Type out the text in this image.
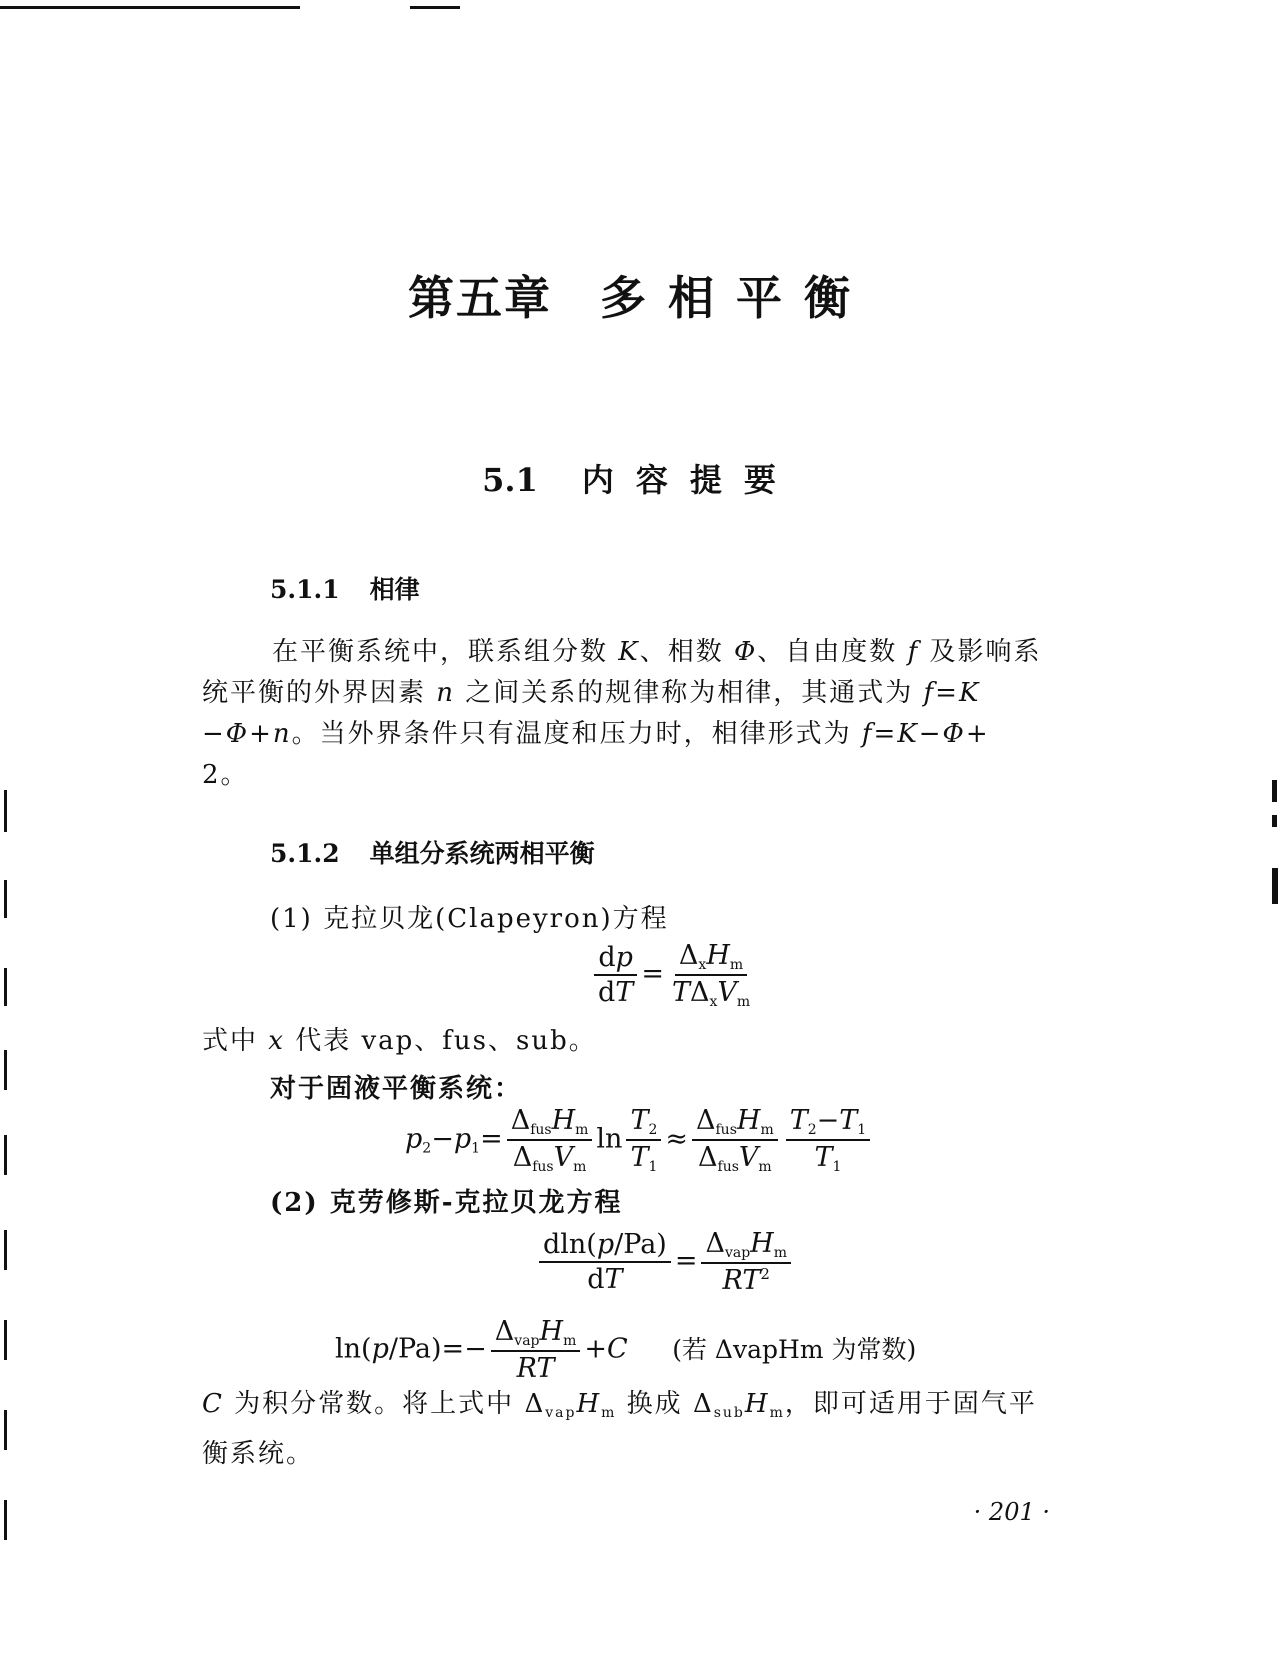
第五章 多相平衡
5.1 内容提要
5.1.1 相律
在平衡系统中，联系组分数 K、相数 Φ、自由度数 f 及影响系
统平衡的外界因素 n 之间关系的规律称为相律，其通式为 f=K
−Φ+n。当外界条件只有温度和压力时，相律形式为 f=K−Φ+
2。
5.1.2 单组分系统两相平衡
(1) 克拉贝龙(Clapeyron)方程
$\frac{dp}{dT} = \frac{\Delta_xH_m}{T\Delta_xV_m}$
式中 x 代表 vap、fus、sub。
对于固液平衡系统：
$p_2-p_1= \frac{\Delta_{fus}H_m}{\Delta_{fus}V_m}$ $\ln \frac{T_2}{T_1} \approx \frac{\Delta_{fus}H_m}{\Delta_{fus}V_m} \frac{T_2-T_1}{T_1}$
(2) 克劳修斯-克拉贝龙方程
$\frac{dln(p/Pa)}{dT} = \frac{\Delta_{vap}H_m}{RT^2}$
$\ln(p/Pa)=- \frac{\Delta_{vap}H_m}{RT} +C$ (若 ΔvapHm 为常数)
C 为积分常数。将上式中 $\Delta_{vap}H_m$ 换成 $\Delta_{sub}H_m$，即可适用于固气平
衡系统。
· 201 ·
